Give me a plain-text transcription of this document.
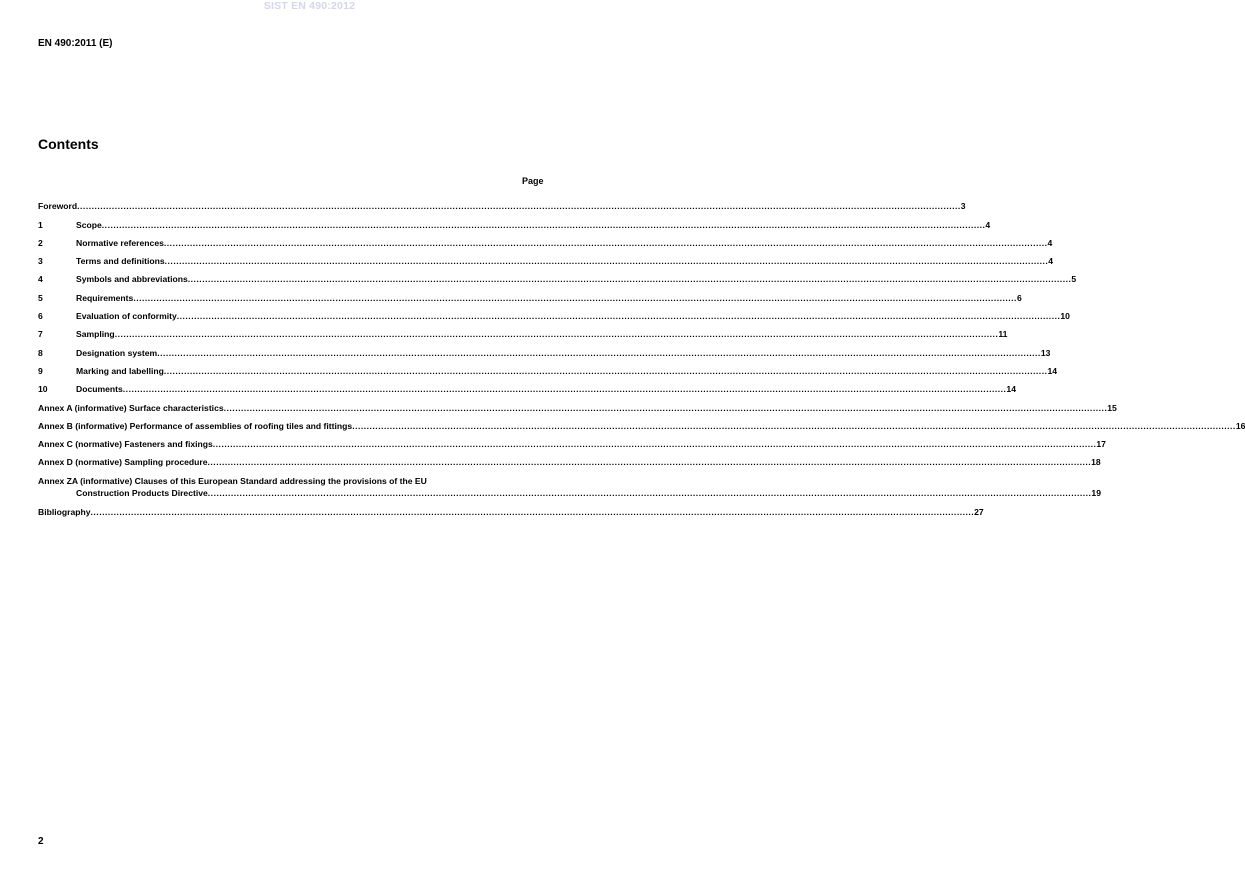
SIST EN 490:2012
EN 490:2011 (E)
Contents
Page
Foreword .....	3
1	Scope .....	4
2	Normative references .....	4
3	Terms and definitions .....	4
4	Symbols and abbreviations .....	5
5	Requirements .....	6
6	Evaluation of conformity .....	10
7	Sampling .....	11
8	Designation system .....	13
9	Marking and labelling .....	14
10	Documents .....	14
Annex A (informative) Surface characteristics .....	15
Annex B (informative) Performance of assemblies of roofing tiles and fittings .....	16
Annex C (normative) Fasteners and fixings .....	17
Annex D (normative) Sampling procedure .....	18
Annex ZA (informative) Clauses of this European Standard addressing the provisions of the EU
Construction Products Directive .....	19
Bibliography .....	27
2
